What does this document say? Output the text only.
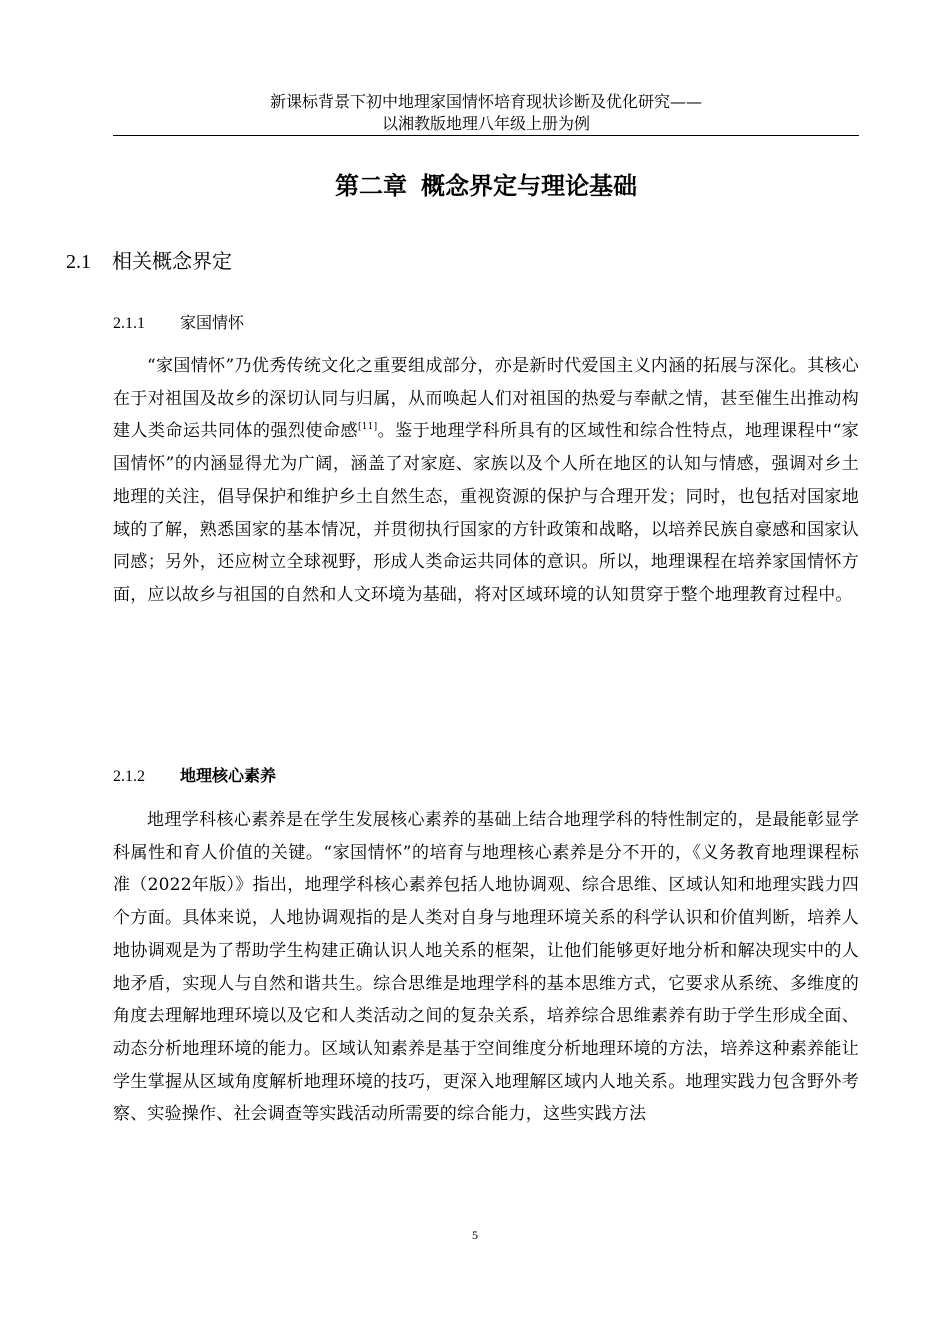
新课标背景下初中地理家国情怀培育现状诊断及优化研究——
以湘教版地理八年级上册为例
第二章 概念界定与理论基础
2.1 相关概念界定
2.1.1 家国情怀

“家国情怀”乃优秀传统文化之重要组成部分，亦是新时代爱国主义内涵的拓展与深化。其核心在于对祖国及故乡的深切认同与归属，从而唤起人们对祖国的热爱与奉献之情，甚至催生出推动构建人类命运共同体的强烈使命感[11]。鉴于地理学科所具有的区域性和综合性特点，地理课程中“家国情怀”的内涵显得尤为广阔，涵盖了对家庭、家族以及个人所在地区的认知与情感，强调对乡土地理的关注，倡导保护和维护乡土自然生态，重视资源的保护与合理开发；同时，也包括对国家地域的了解，熟悉国家的基本情况，并贯彻执行国家的方针政策和战略，以培养民族自豪感和国家认同感；另外，还应树立全球视野，形成人类命运共同体的意识。所以，地理课程在培养家国情怀方面，应以故乡与祖国的自然和人文环境为基础，将对区域环境的认知贯穿于整个地理教育过程中。

2.1.2 地理核心素养

地理学科核心素养是在学生发展核心素养的基础上结合地理学科的特性制定的，是最能彰显学科属性和育人价值的关键。“家国情怀”的培育与地理核心素养是分不开的，《义务教育地理课程标准（2022年版）》指出，地理学科核心素养包括人地协调观、综合思维、区域认知和地理实践力四个方面。具体来说，人地协调观指的是人类对自身与地理环境关系的科学认识和价值判断，培养人地协调观是为了帮助学生构建正确认识人地关系的框架，让他们能够更好地分析和解决现实中的人地矛盾，实现人与自然和谐共生。综合思维是地理学科的基本思维方式，它要求从系统、多维度的角度去理解地理环境以及它和人类活动之间的复杂关系，培养综合思维素养有助于学生形成全面、动态分析地理环境的能力。区域认知素养是基于空间维度分析地理环境的方法，培养这种素养能让学生掌握从区域角度解析地理环境的技巧，更深入地理解区域内人地关系。地理实践力包含野外考察、实验操作、社会调查等实践活动所需要的综合能力，这些实践方法

5
